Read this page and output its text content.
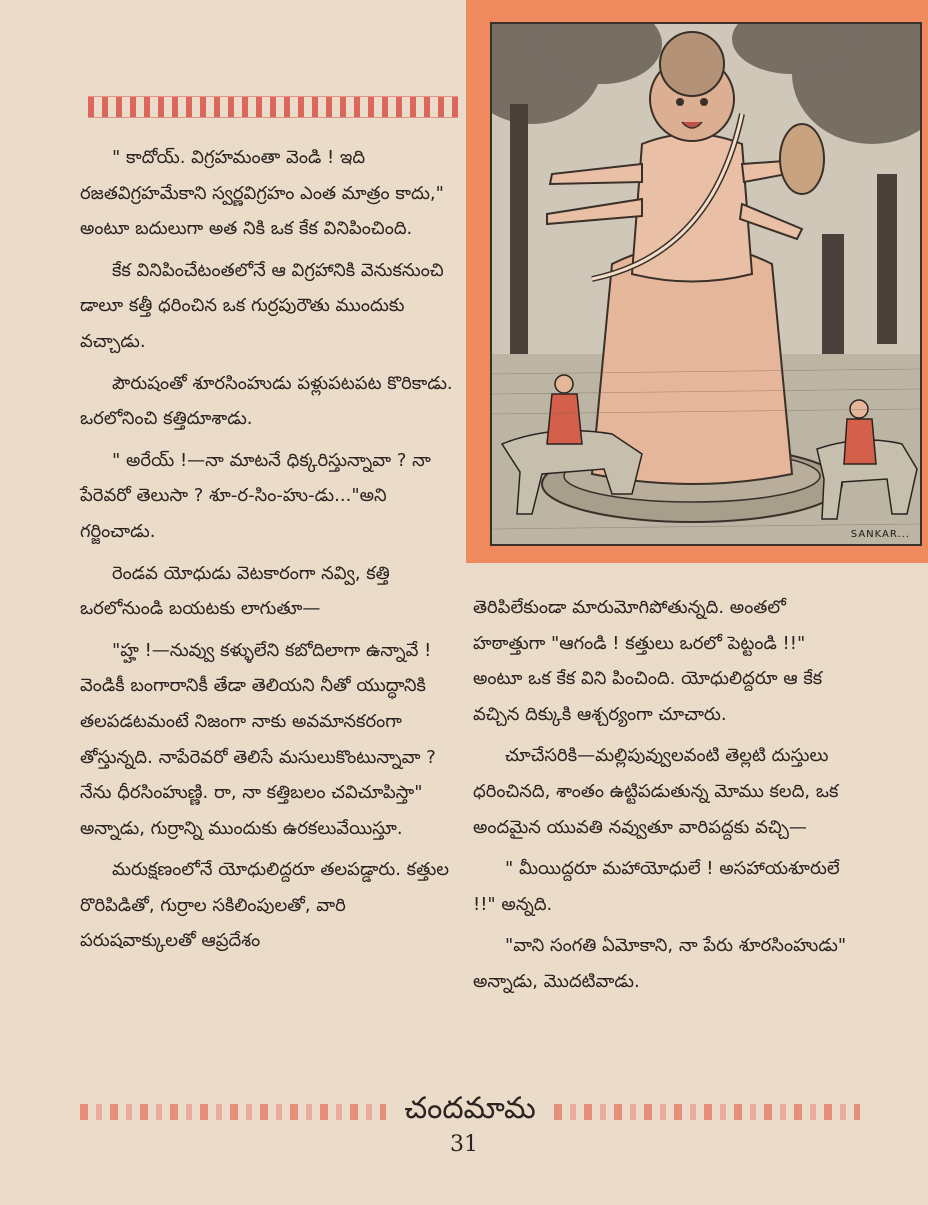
SANKAR...

" కాదోయ్. విగ్రహమంతా వెండి ! ఇది రజతవిగ్రహమేకాని స్వర్ణవిగ్రహం ఎంత మాత్రం కాదు," అంటూ బదులుగా అత నికి ఒక కేక వినిపించింది.

కేక వినిపించేటంతలోనే ఆ విగ్రహానికి వెనుకనుంచి డాలూ కత్తీ ధరించిన ఒక గుర్రపురౌతు ముందుకు వచ్చాడు.

పౌరుషంతో శూరసింహుడు పళ్లుపటపట కొరికాడు. ఒరలోనించి కత్తిదూశాడు.

" అరేయ్ !—నా మాటనే ధిక్కరిస్తున్నావా ? నా పేరెవరో తెలుసా ? శూ-ర-సిం-హు-డు..."అని గర్జించాడు.

రెండవ యోధుడు వెటకారంగా నవ్వి, కత్తి ఒరలోనుండి బయటకు లాగుతూ—

"హ్హ !—నువ్వు కళ్ళులేని కబోదిలాగా ఉన్నావే ! వెండికీ బంగారానికీ తేడా తెలియని నీతో యుద్ధానికి తలపడటమంటే నిజంగా నాకు అవమానకరంగా తోస్తున్నది. నాపేరెవరో తెలిసే మసులుకొంటున్నావా ? నేను ధీరసింహుణ్ణి. రా, నా కత్తిబలం చవిచూపిస్తా" అన్నాడు, గుర్రాన్ని ముందుకు ఉరకలువేయిస్తూ.

మరుక్షణంలోనే యోధులిద్దరూ తలపడ్డారు. కత్తుల రొరిపిడితో, గుర్రాల సకిలింపులతో, వారి పరుషవాక్కులతో ఆప్రదేశం

తెరిపిలేకుండా మారుమోగిపోతున్నది. అంతలో హఠాత్తుగా "ఆగండి ! కత్తులు ఒరలో పెట్టండి !!" అంటూ ఒక కేక విని పించింది. యోధులిద్దరూ ఆ కేక వచ్చిన దిక్కుకి ఆశ్చర్యంగా చూచారు.

చూచేసరికి—మల్లిపువ్వులవంటి తెల్లటి దుస్తులు ధరించినది, శాంతం ఉట్టిపడుతున్న మోము కలది, ఒక అందమైన యువతి నవ్వుతూ వారిపద్దకు వచ్చి—

" మీయిద్దరూ మహాయోధులే ! అసహాయశూరులే !!" అన్నది.

"వాని సంగతి ఏమోకాని, నా పేరు శూరసింహుడు" అన్నాడు, మొదటివాడు.

చందమామ
31
